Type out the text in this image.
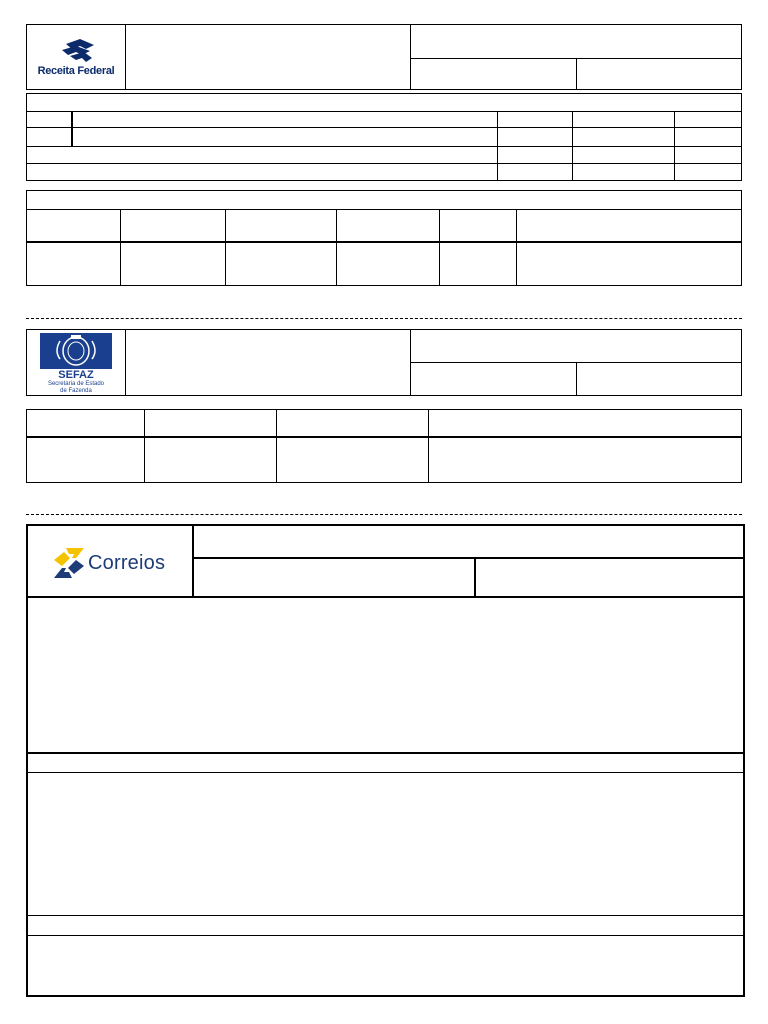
Receita Federal
SEFAZ
Secretaria de Estado
de Fazenda
Correios
